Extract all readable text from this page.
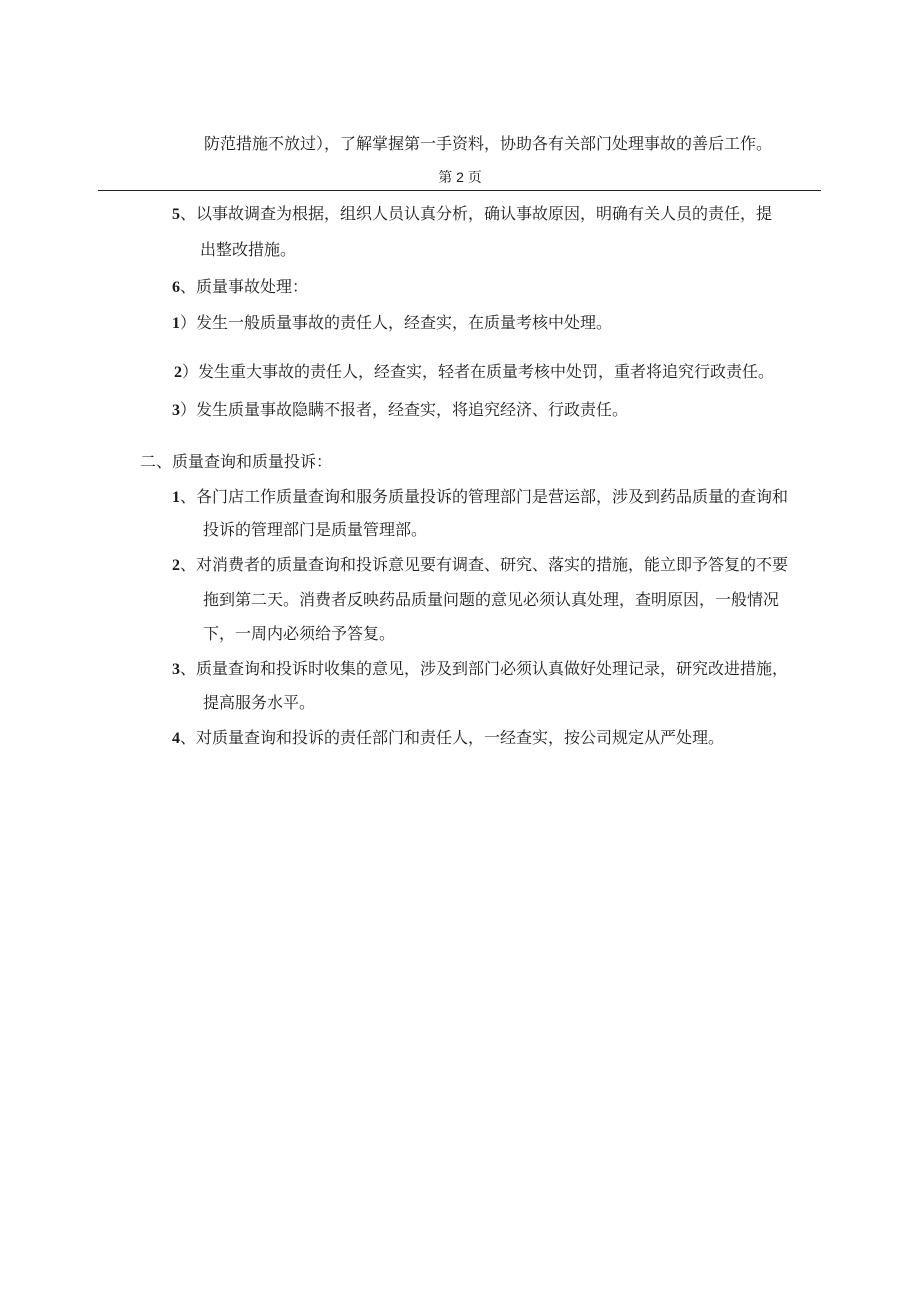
防范措施不放过），了解掌握第一手资料，协助各有关部门处理事故的善后工作。
第 2 页
5、以事故调查为根据，组织人员认真分析，确认事故原因，明确有关人员的责任，提
出整改措施。
6、质量事故处理：
1）发生一般质量事故的责任人，经查实，在质量考核中处理。
2）发生重大事故的责任人，经查实，轻者在质量考核中处罚，重者将追究行政责任。
3）发生质量事故隐瞒不报者，经查实，将追究经济、行政责任。
二、质量查询和质量投诉：
1、各门店工作质量查询和服务质量投诉的管理部门是营运部，涉及到药品质量的查询和
投诉的管理部门是质量管理部。
2、对消费者的质量查询和投诉意见要有调查、研究、落实的措施，能立即予答复的不要
拖到第二天。消费者反映药品质量问题的意见必须认真处理，查明原因，一般情况
下，一周内必须给予答复。
3、质量查询和投诉时收集的意见，涉及到部门必须认真做好处理记录，研究改进措施，
提高服务水平。
4、对质量查询和投诉的责任部门和责任人，一经查实，按公司规定从严处理。
